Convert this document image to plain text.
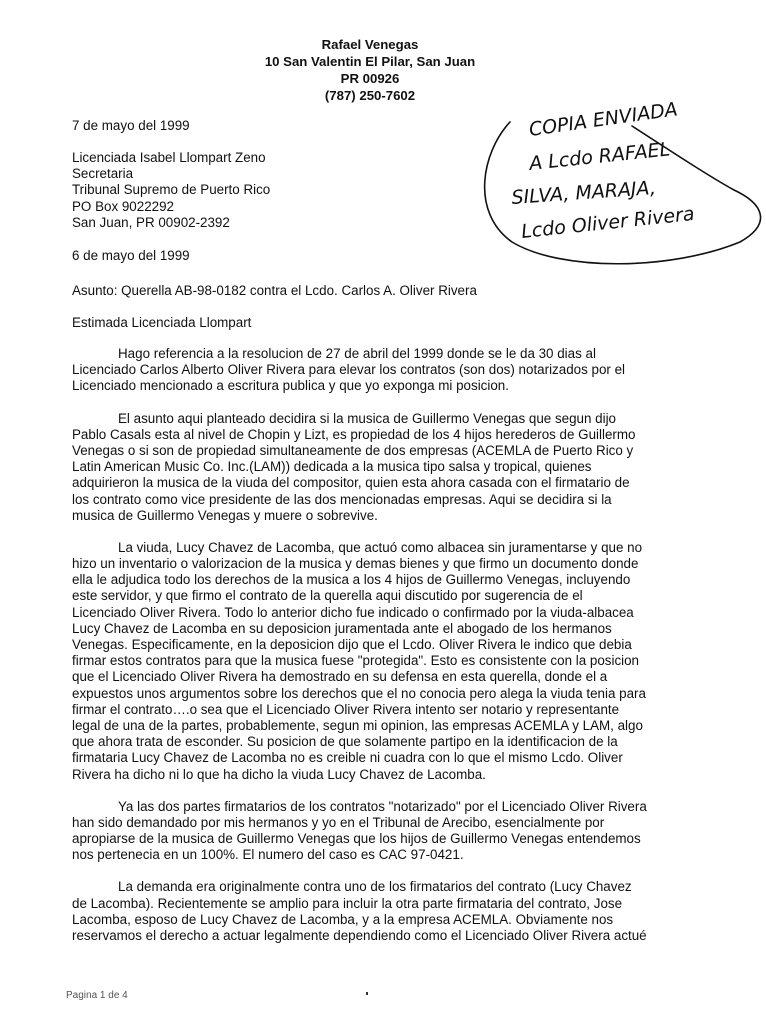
Rafael Venegas
10 San Valentin El Pilar, San Juan
PR 00926
(787) 250-7602
7 de mayo del 1999
Licenciada Isabel Llompart Zeno
Secretaria
Tribunal Supremo de Puerto Rico
PO Box 9022292
San Juan, PR 00902-2392
6 de mayo del 1999
Asunto: Querella AB-98-0182 contra el Lcdo. Carlos A. Oliver Rivera
Estimada Licenciada Llompart
Hago referencia a la resolucion de 27 de abril del 1999 donde se le da 30 dias al
Licenciado Carlos Alberto Oliver Rivera para elevar los contratos (son dos) notarizados por el
Licenciado mencionado a escritura publica y que yo exponga mi posicion.
El asunto aqui planteado decidira si la musica de Guillermo Venegas que segun dijo
Pablo Casals esta al nivel de Chopin y Lizt, es propiedad de los 4 hijos herederos de Guillermo
Venegas o si son de propiedad simultaneamente de dos empresas (ACEMLA de Puerto Rico y
Latin American Music Co. Inc.(LAM)) dedicada a la musica tipo salsa y tropical, quienes
adquirieron la musica de la viuda del compositor, quien esta ahora casada con el firmatario de
los contrato como vice presidente de las dos mencionadas empresas. Aqui se decidira si la
musica de Guillermo Venegas y muere o sobrevive.
La viuda, Lucy Chavez de Lacomba, que actuó como albacea sin juramentarse y que no
hizo un inventario o valorizacion de la musica y demas bienes y que firmo un documento donde
ella le adjudica todo los derechos de la musica a los 4 hijos de Guillermo Venegas, incluyendo
este servidor, y que firmo el contrato de la querella aqui discutido por sugerencia de el
Licenciado Oliver Rivera. Todo lo anterior dicho fue indicado o confirmado por la viuda-albacea
Lucy Chavez de Lacomba en su deposicion juramentada ante el abogado de los hermanos
Venegas. Especificamente, en la deposicion dijo que el Lcdo. Oliver Rivera le indico que debia
firmar estos contratos para que la musica fuese "protegida". Esto es consistente con la posicion
que el Licenciado Oliver Rivera ha demostrado en su defensa en esta querella, donde el a
expuestos unos argumentos sobre los derechos que el no conocia pero alega la viuda tenia para
firmar el contrato….o sea que el Licenciado Oliver Rivera intento ser notario y representante
legal de una de la partes, probablemente, segun mi opinion, las empresas ACEMLA y LAM, algo
que ahora trata de esconder. Su posicion de que solamente partipo en la identificacion de la
firmataria Lucy Chavez de Lacomba no es creible ni cuadra con lo que el mismo Lcdo. Oliver
Rivera ha dicho ni lo que ha dicho la viuda Lucy Chavez de Lacomba.
Ya las dos partes firmatarios de los contratos "notarizado" por el Licenciado Oliver Rivera
han sido demandado por mis hermanos y yo en el Tribunal de Arecibo, esencialmente por
apropiarse de la musica de Guillermo Venegas que los hijos de Guillermo Venegas entendemos
nos pertenecia en un 100%. El numero del caso es CAC 97-0421.
La demanda era originalmente contra uno de los firmatarios del contrato (Lucy Chavez
de Lacomba). Recientemente se amplio para incluir la otra parte firmataria del contrato, Jose
Lacomba, esposo de Lucy Chavez de Lacomba, y a la empresa ACEMLA. Obviamente nos
reservamos el derecho a actuar legalmente dependiendo como el Licenciado Oliver Rivera actué
COPIA ENVIADA
A Lcdo RAFAEL
SILVA, MARAJA,
Lcdo Oliver Rivera
Pagina 1 de 4
